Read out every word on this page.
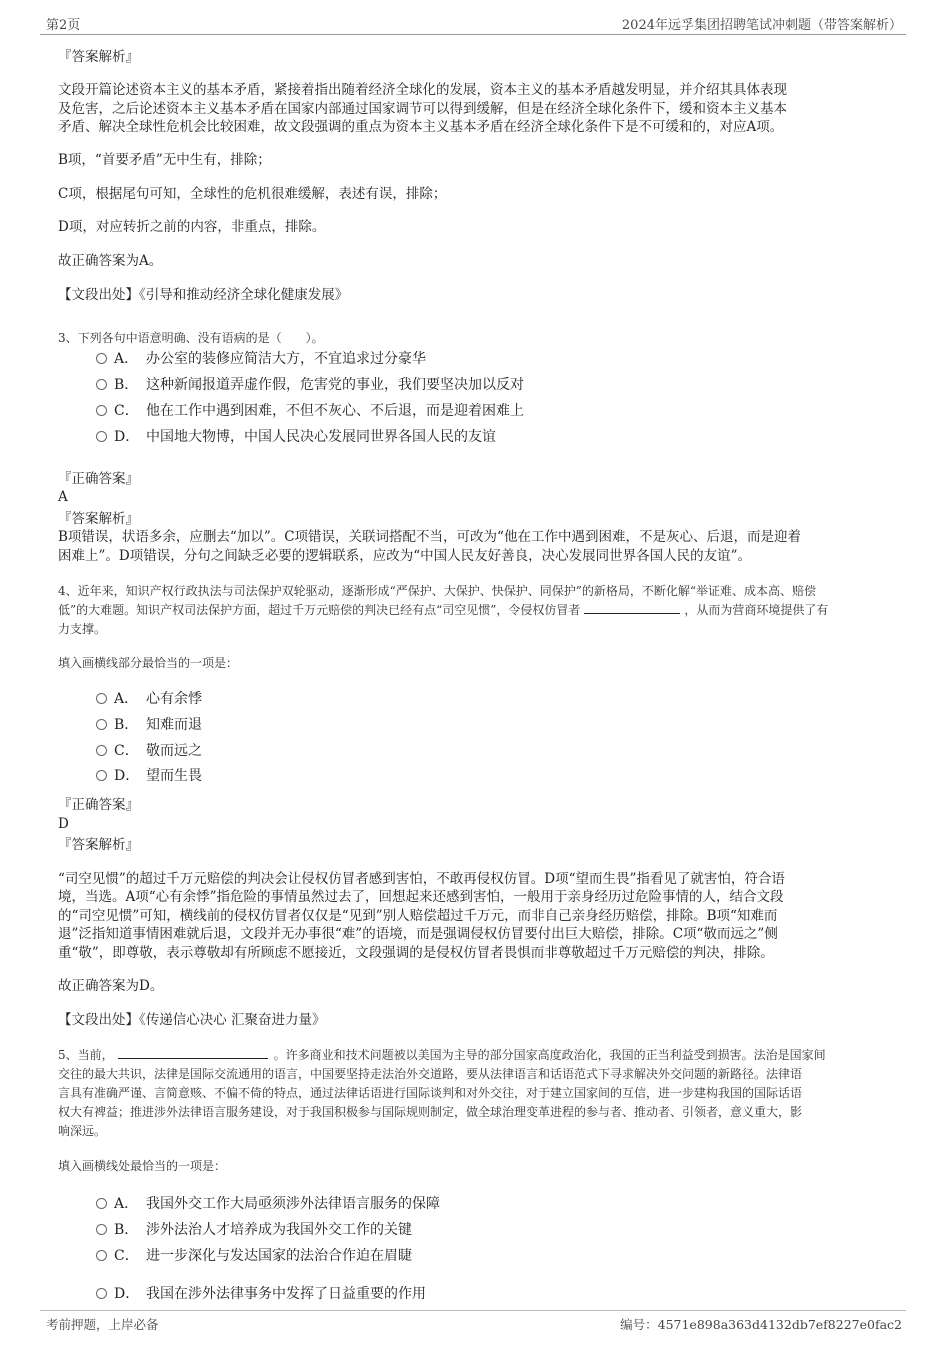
第2页	2024年远孚集团招聘笔试冲刺题（带答案解析）

『答案解析』

文段开篇论述资本主义的基本矛盾，紧接着指出随着经济全球化的发展，资本主义的基本矛盾越发明显，并介绍其具体表现

及危害，之后论述资本主义基本矛盾在国家内部通过国家调节可以得到缓解，但是在经济全球化条件下，缓和资本主义基本

矛盾、解决全球性危机会比较困难，故文段强调的重点为资本主义基本矛盾在经济全球化条件下是不可缓和的，对应A项。

B项，“首要矛盾”无中生有，排除；

C项，根据尾句可知，全球性的危机很难缓解，表述有误，排除；

D项，对应转折之前的内容，非重点，排除。

故正确答案为A。

【文段出处】《引导和推动经济全球化健康发展》

3、下列各句中语意明确、没有语病的是（　　）。

A． 办公室的装修应简洁大方，不宜追求过分豪华
B． 这种新闻报道弄虚作假，危害党的事业，我们要坚决加以反对
C． 他在工作中遇到困难，不但不灰心、不后退，而是迎着困难上
D． 中国地大物博，中国人民决心发展同世界各国人民的友谊

『正确答案』

A

『答案解析』

B项错误，状语多余，应删去“加以”。C项错误，关联词搭配不当，可改为“他在工作中遇到困难，不是灰心、后退，而是迎着

困难上”。D项错误，分句之间缺乏必要的逻辑联系，应改为“中国人民友好善良，决心发展同世界各国人民的友谊”。

4、近年来，知识产权行政执法与司法保护双轮驱动，逐渐形成“严保护、大保护、快保护、同保护”的新格局，不断化解“举证难、成本高、赔偿

低”的大难题。知识产权司法保护方面，超过千万元赔偿的判决已经有点“司空见惯”，令侵权仿冒者	，从而为营商环境提供了有

力支撑。

填入画横线部分最恰当的一项是：

A． 心有余悸
B． 知难而退
C． 敬而远之
D． 望而生畏

『正确答案』

D

『答案解析』

“司空见惯”的超过千万元赔偿的判决会让侵权仿冒者感到害怕，不敢再侵权仿冒。D项“望而生畏”指看见了就害怕，符合语

境，当选。A项“心有余悸”指危险的事情虽然过去了，回想起来还感到害怕，一般用于亲身经历过危险事情的人，结合文段

的“司空见惯”可知，横线前的侵权仿冒者仅仅是“见到”别人赔偿超过千万元，而非自己亲身经历赔偿，排除。B项“知难而

退”泛指知道事情困难就后退，文段并无办事很“难”的语境，而是强调侵权仿冒要付出巨大赔偿，排除。C项“敬而远之”侧

重“敬”，即尊敬，表示尊敬却有所顾虑不愿接近，文段强调的是侵权仿冒者畏惧而非尊敬超过千万元赔偿的判决，排除。

故正确答案为D。

【文段出处】《传递信心决心 汇聚奋进力量》

5、当前，	。许多商业和技术问题被以美国为主导的部分国家高度政治化，我国的正当利益受到损害。法治是国家间

交往的最大共识，法律是国际交流通用的语言，中国要坚持走法治外交道路，要从法律语言和话语范式下寻求解决外交问题的新路径。法律语

言具有准确严谨、言简意赅、不偏不倚的特点，通过法律话语进行国际谈判和对外交往，对于建立国家间的互信，进一步建构我国的国际话语

权大有裨益；推进涉外法律语言服务建设，对于我国积极参与国际规则制定，做全球治理变革进程的参与者、推动者、引领者，意义重大，影

响深远。

填入画横线处最恰当的一项是：

A． 我国外交工作大局亟须涉外法律语言服务的保障
B． 涉外法治人才培养成为我国外交工作的关键
C． 进一步深化与发达国家的法治合作迫在眉睫
D． 我国在涉外法律事务中发挥了日益重要的作用
考前押题，上岸必备	编号：4571e898a363d4132db7ef8227e0fac2
